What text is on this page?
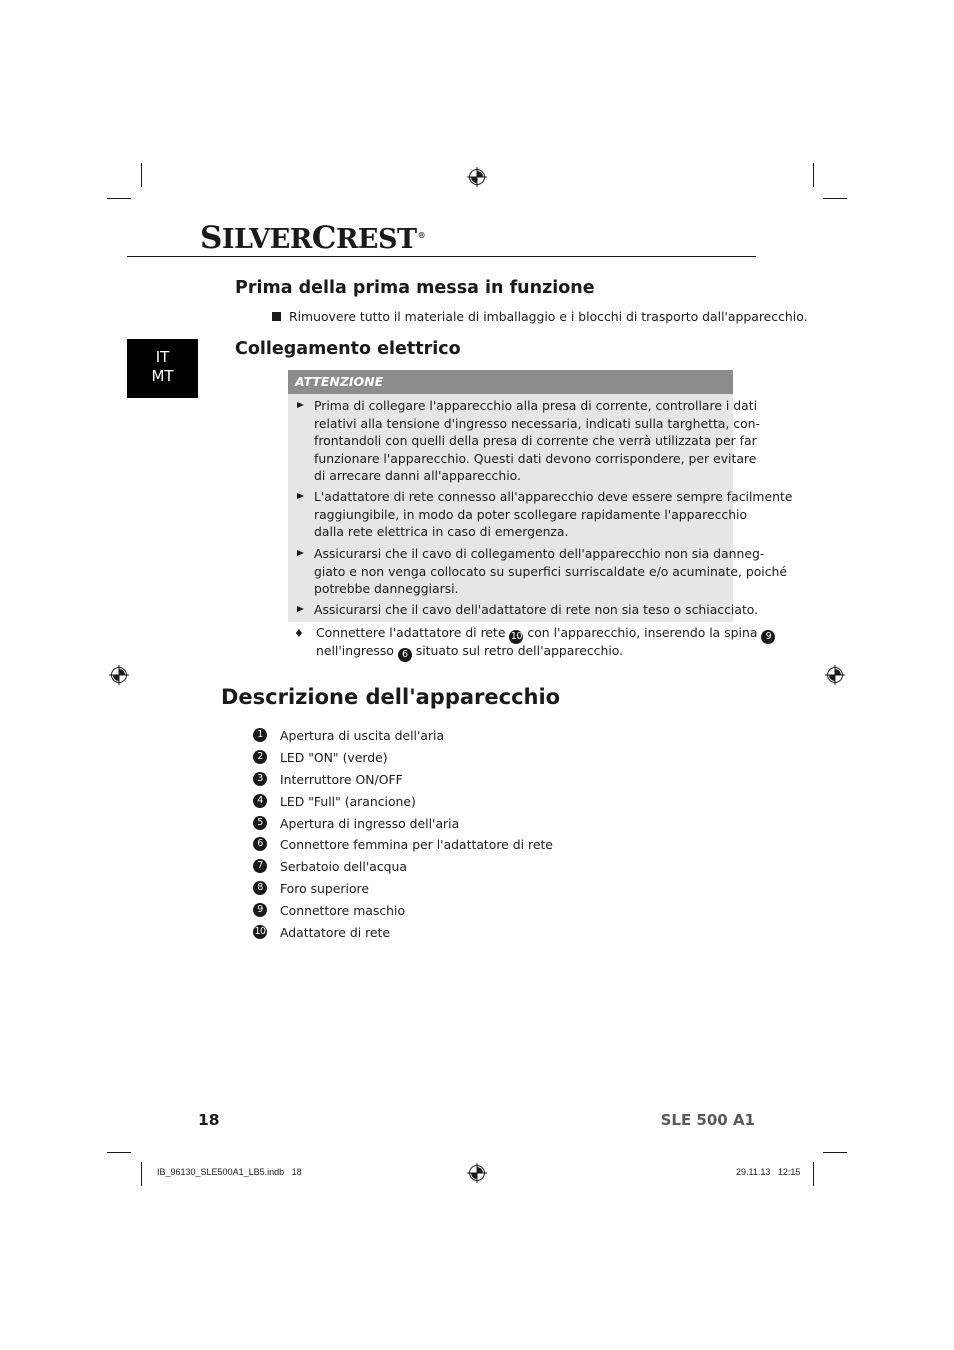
SILVERCREST®
IT
MT
Prima della prima messa in funzione
Rimuovere tutto il materiale di imballaggio e i blocchi di trasporto dall'apparecchio.
Collegamento elettrico
ATTENZIONE
Prima di collegare l'apparecchio alla presa di corrente, controllare i dati
relativi alla tensione d'ingresso necessaria, indicati sulla targhetta, con-
frontandoli con quelli della presa di corrente che verrà utilizzata per far
funzionare l'apparecchio. Questi dati devono corrispondere, per evitare
di arrecare danni all'apparecchio.
L'adattatore di rete connesso all'apparecchio deve essere sempre facilmente
raggiungibile, in modo da poter scollegare rapidamente l'apparecchio
dalla rete elettrica in caso di emergenza.
Assicurarsi che il cavo di collegamento dell'apparecchio non sia danneg-
giato e non venga collocato su superfici surriscaldate e/o acuminate, poiché
potrebbe danneggiarsi.
Assicurarsi che il cavo dell'adattatore di rete non sia teso o schiacciato.
♦ Connettere l'adattatore di rete 10 con l'apparecchio, inserendo la spina 9
nell'ingresso 6 situato sul retro dell'apparecchio.
Descrizione dell'apparecchio
1	Apertura di uscita dell'aria
2	LED "ON" (verde)
3	Interruttore ON/OFF
4	LED "Full" (arancione)
5	Apertura di ingresso dell'aria
6	Connettore femmina per l'adattatore di rete
7	Serbatoio dell'acqua
8	Foro superiore
9	Connettore maschio
10 Adattatore di rete
18	SLE 500 A1
IB_96130_SLE500A1_LB5.indb   18	29.11.13   12:15
